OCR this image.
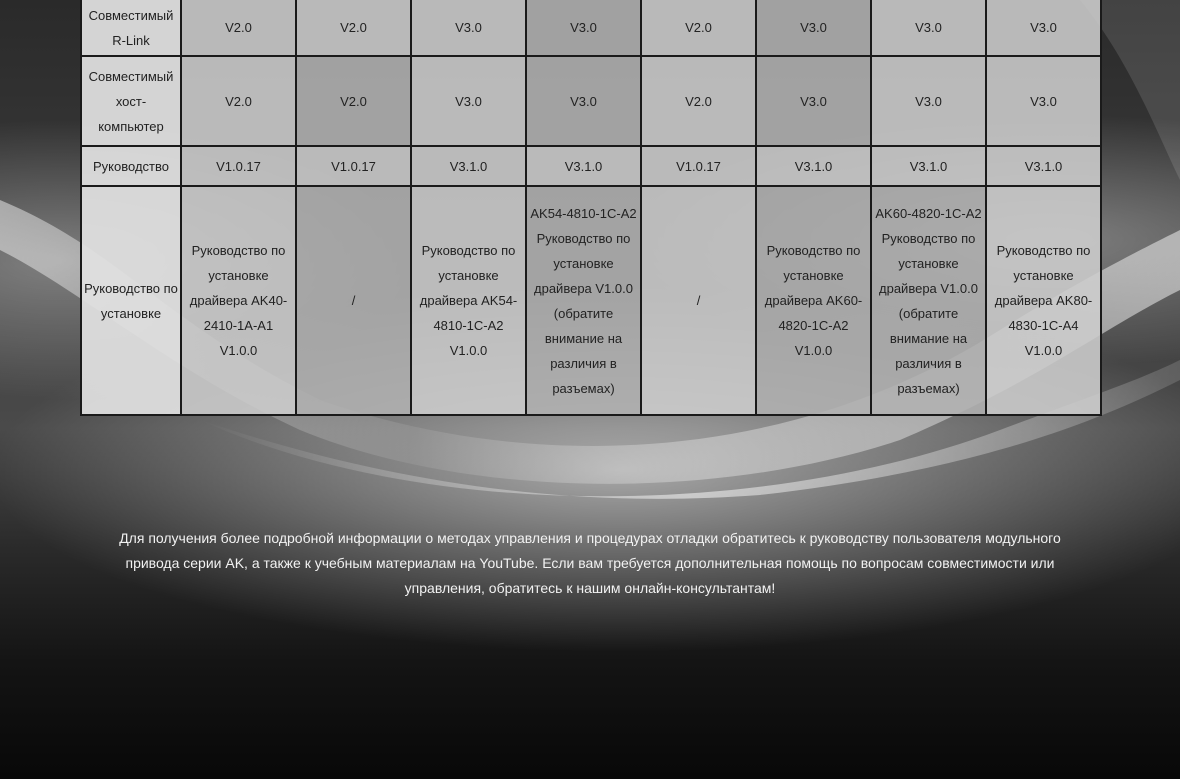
Совместимый R-Link	V2.0	V2.0	V3.0	V3.0	V2.0	V3.0	V3.0	V3.0
Совместимый хост-компьютер	V2.0	V2.0	V3.0	V3.0	V2.0	V3.0	V3.0	V3.0
Руководство	V1.0.17	V1.0.17	V3.1.0	V3.1.0	V1.0.17	V3.1.0	V3.1.0	V3.1.0
Руководство по установке	Руководство по установке драйвера AK40-2410-1A-A1 V1.0.0	/	Руководство по установке драйвера AK54-4810-1C-A2 V1.0.0	AK54-4810-1C-A2 Руководство по установке драйвера V1.0.0 (обратите внимание на различия в разъемах)	/	Руководство по установке драйвера AK60-4820-1C-A2 V1.0.0	AK60-4820-1C-A2 Руководство по установке драйвера V1.0.0 (обратите внимание на различия в разъемах)	Руководство по установке драйвера AK80-4830-1C-A4 V1.0.0

Для получения более подробной информации о методах управления и процедурах отладки обратитесь к руководству пользователя модульного привода серии AK, а также к учебным материалам на YouTube. Если вам требуется дополнительная помощь по вопросам совместимости или управления, обратитесь к нашим онлайн-консультантам!
